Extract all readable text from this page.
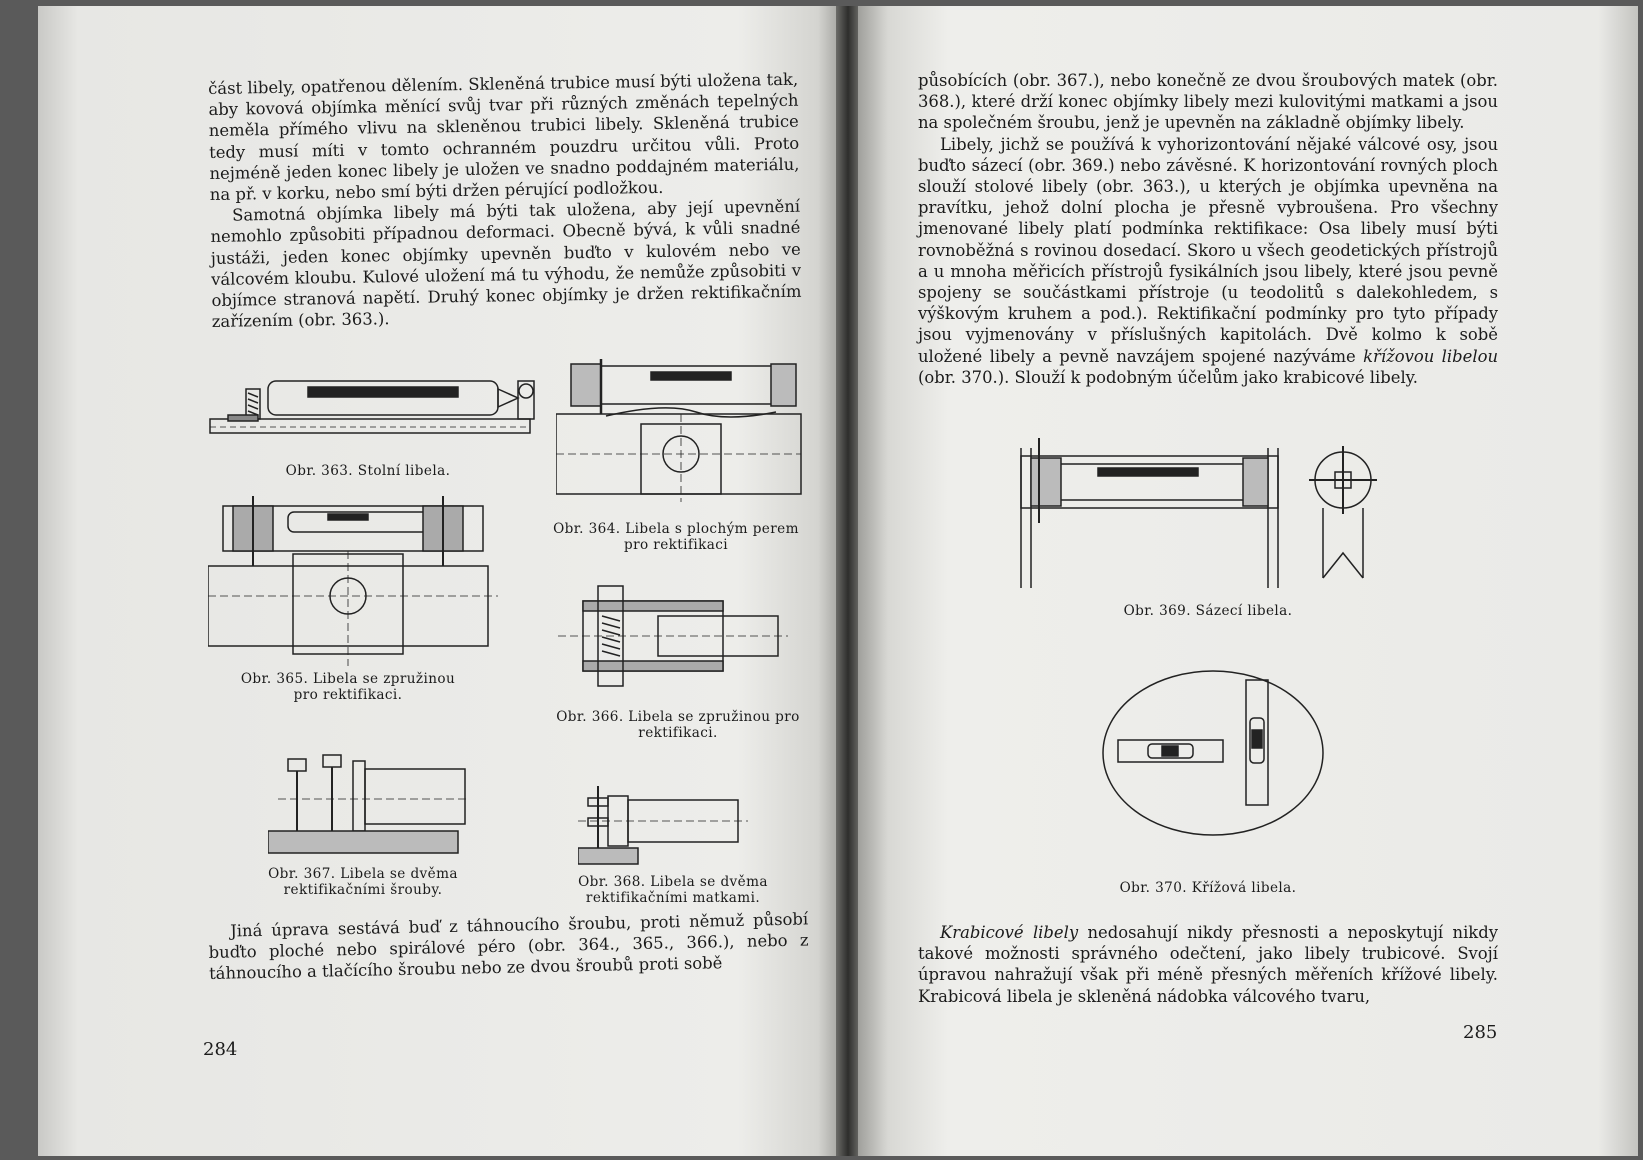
část libely, opatřenou dělením. Skleněná trubice musí býti uložena tak, aby kovová objímka měnící svůj tvar při různých změnách tepelných neměla přímého vlivu na skleněnou trubici libely. Skleněná trubice tedy musí míti v tomto ochranném pouzdru určitou vůli. Proto nejméně jeden konec libely je uložen ve snadno poddajném materiálu, na př. v korku, nebo smí býti držen pérující podložkou.

Samotná objímka libely má býti tak uložena, aby její upevnění nemohlo způsobiti případnou deformaci. Obecně bývá, k vůli snadné justáži, jeden konec objímky upevněn buďto v kulovém nebo ve válcovém kloubu. Kulové uložení má tu výhodu, že nemůže způsobiti v objímce stranová napětí. Druhý konec objímky je držen rektifikačním zařízením (obr. 363.).

Obr. 363. Stolní libela.
Obr. 364. Libela s plochým perem pro rektifikaci
Obr. 365. Libela se zpružinou pro rektifikaci.
Obr. 366. Libela se zpružinou pro rektifikaci.
Obr. 367. Libela se dvěma rektifikačními šrouby.	Obr. 368. Libela se dvěma rektifikačními matkami.

Jiná úprava sestává buď z táhnoucího šroubu, proti němuž působí buďto ploché nebo spirálové péro (obr. 364., 365., 366.), nebo z táhnoucího a tlačícího šroubu nebo ze dvou šroubů proti sobě

284

působících (obr. 367.), nebo konečně ze dvou šroubových matek (obr. 368.), které drží konec objímky libely mezi kulovitými matkami a jsou na společném šroubu, jenž je upevněn na základně objímky libely.

Libely, jichž se používá k vyhorizontování nějaké válcové osy, jsou buďto sázecí (obr. 369.) nebo závěsné. K horizontování rovných ploch slouží stolové libely (obr. 363.), u kterých je objímka upevněna na pravítku, jehož dolní plocha je přesně vybroušena. Pro všechny jmenované libely platí podmínka rektifikace: Osa libely musí býti rovnoběžná s rovinou dosedací. Skoro u všech geodetických přístrojů a u mnoha měřicích přístrojů fysikálních jsou libely, které jsou pevně spojeny se součástkami přístroje (u teodolitů s dalekohledem, s výškovým kruhem a pod.). Rektifikační podmínky pro tyto případy jsou vyjmenovány v příslušných kapitolách. Dvě kolmo k sobě uložené libely a pevně navzájem spojené nazýváme křížovou libelou (obr. 370.). Slouží k podobným účelům jako krabicové libely.

Obr. 369. Sázecí libela.
Obr. 370. Křížová libela.

Krabicové libely nedosahují nikdy přesnosti a neposkytují nikdy takové možnosti správného odečtení, jako libely trubicové. Svojí úpravou nahražují však při méně přesných měřeních křížové libely. Krabicová libela je skleněná nádobka válcového tvaru,

285
